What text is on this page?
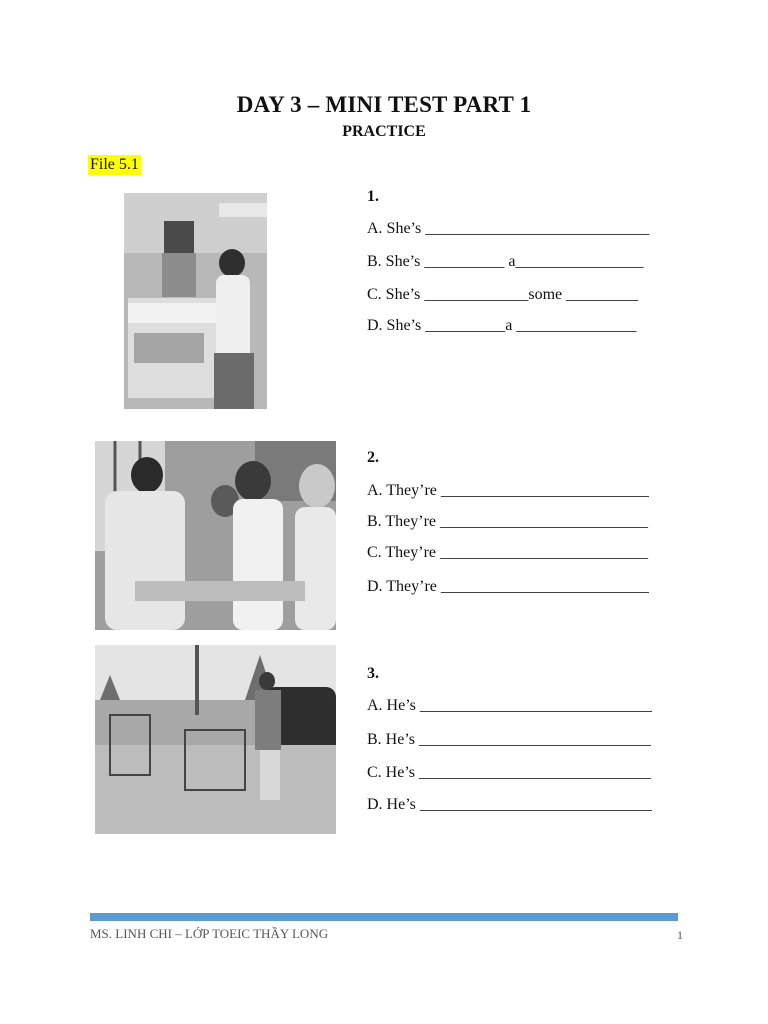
DAY 3 – MINI TEST PART 1
PRACTICE
File 5.1
1.
A. She’s ____________________________
B. She’s __________ a________________
C. She’s _____________some _________
D. She’s __________a _______________
2.
A. They’re __________________________
B. They’re __________________________
C. They’re __________________________
D. They’re __________________________
3.
A. He’s _____________________________
B. He’s _____________________________
C. He’s _____________________________
D. He’s _____________________________
MS. LINH CHI – LỚP TOEIC THẦY LONG	1
